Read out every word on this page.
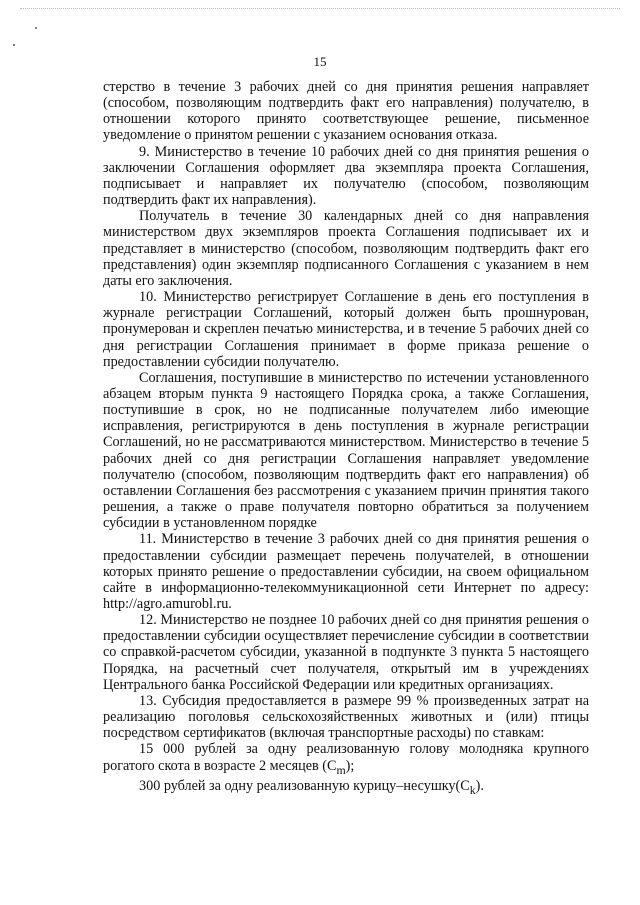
15

стерство в течение 3 рабочих дней со дня принятия решения направляет (способом, позволяющим подтвердить факт его направления) получателю, в отношении которого принято соответствующее решение, письменное уведомление о принятом решении с указанием основания отказа.

9. Министерство в течение 10 рабочих дней со дня принятия решения о заключении Соглашения оформляет два экземпляра проекта Соглашения, подписывает и направляет их получателю (способом, позволяющим подтвердить факт их направления).

Получатель в течение 30 календарных дней со дня направления министерством двух экземпляров проекта Соглашения подписывает их и представляет в министерство (способом, позволяющим подтвердить факт его представления) один экземпляр подписанного Соглашения с указанием в нем даты его заключения.

10. Министерство регистрирует Соглашение в день его поступления в журнале регистрации Соглашений, который должен быть прошнурован, пронумерован и скреплен печатью министерства, и в течение 5 рабочих дней со дня регистрации Соглашения принимает в форме приказа решение о предоставлении субсидии получателю.

Соглашения, поступившие в министерство по истечении установленного абзацем вторым пункта 9 настоящего Порядка срока, а также Соглашения, поступившие в срок, но не подписанные получателем либо имеющие исправления, регистрируются в день поступления в журнале регистрации Соглашений, но не рассматриваются министерством. Министерство в течение 5 рабочих дней со дня регистрации Соглашения направляет уведомление получателю (способом, позволяющим подтвердить факт его направления) об оставлении Соглашения без рассмотрения с указанием причин принятия такого решения, а также о праве получателя повторно обратиться за получением субсидии в установленном порядке

11. Министерство в течение 3 рабочих дней со дня принятия решения о предоставлении субсидии размещает перечень получателей, в отношении которых принято решение о предоставлении субсидии, на своем официальном сайте в информационно-телекоммуникационной сети Интернет по адресу: http://agro.amurobl.ru.

12. Министерство не позднее 10 рабочих дней со дня принятия решения о предоставлении субсидии осуществляет перечисление субсидии в соответствии со справкой-расчетом субсидии, указанной в подпункте 3 пункта 5 настоящего Порядка, на расчетный счет получателя, открытый им в учреждениях Центрального банка Российской Федерации или кредитных организациях.

13. Субсидия предоставляется в размере 99 % произведенных затрат на реализацию поголовья сельскохозяйственных животных и (или) птицы посредством сертификатов (включая транспортные расходы) по ставкам:

15 000 рублей за одну реализованную голову молодняка крупного рогатого скота в возрасте 2 месяцев $(C_m)$;

300 рублей за одну реализованную курицу–$несушку(C_k)$.
